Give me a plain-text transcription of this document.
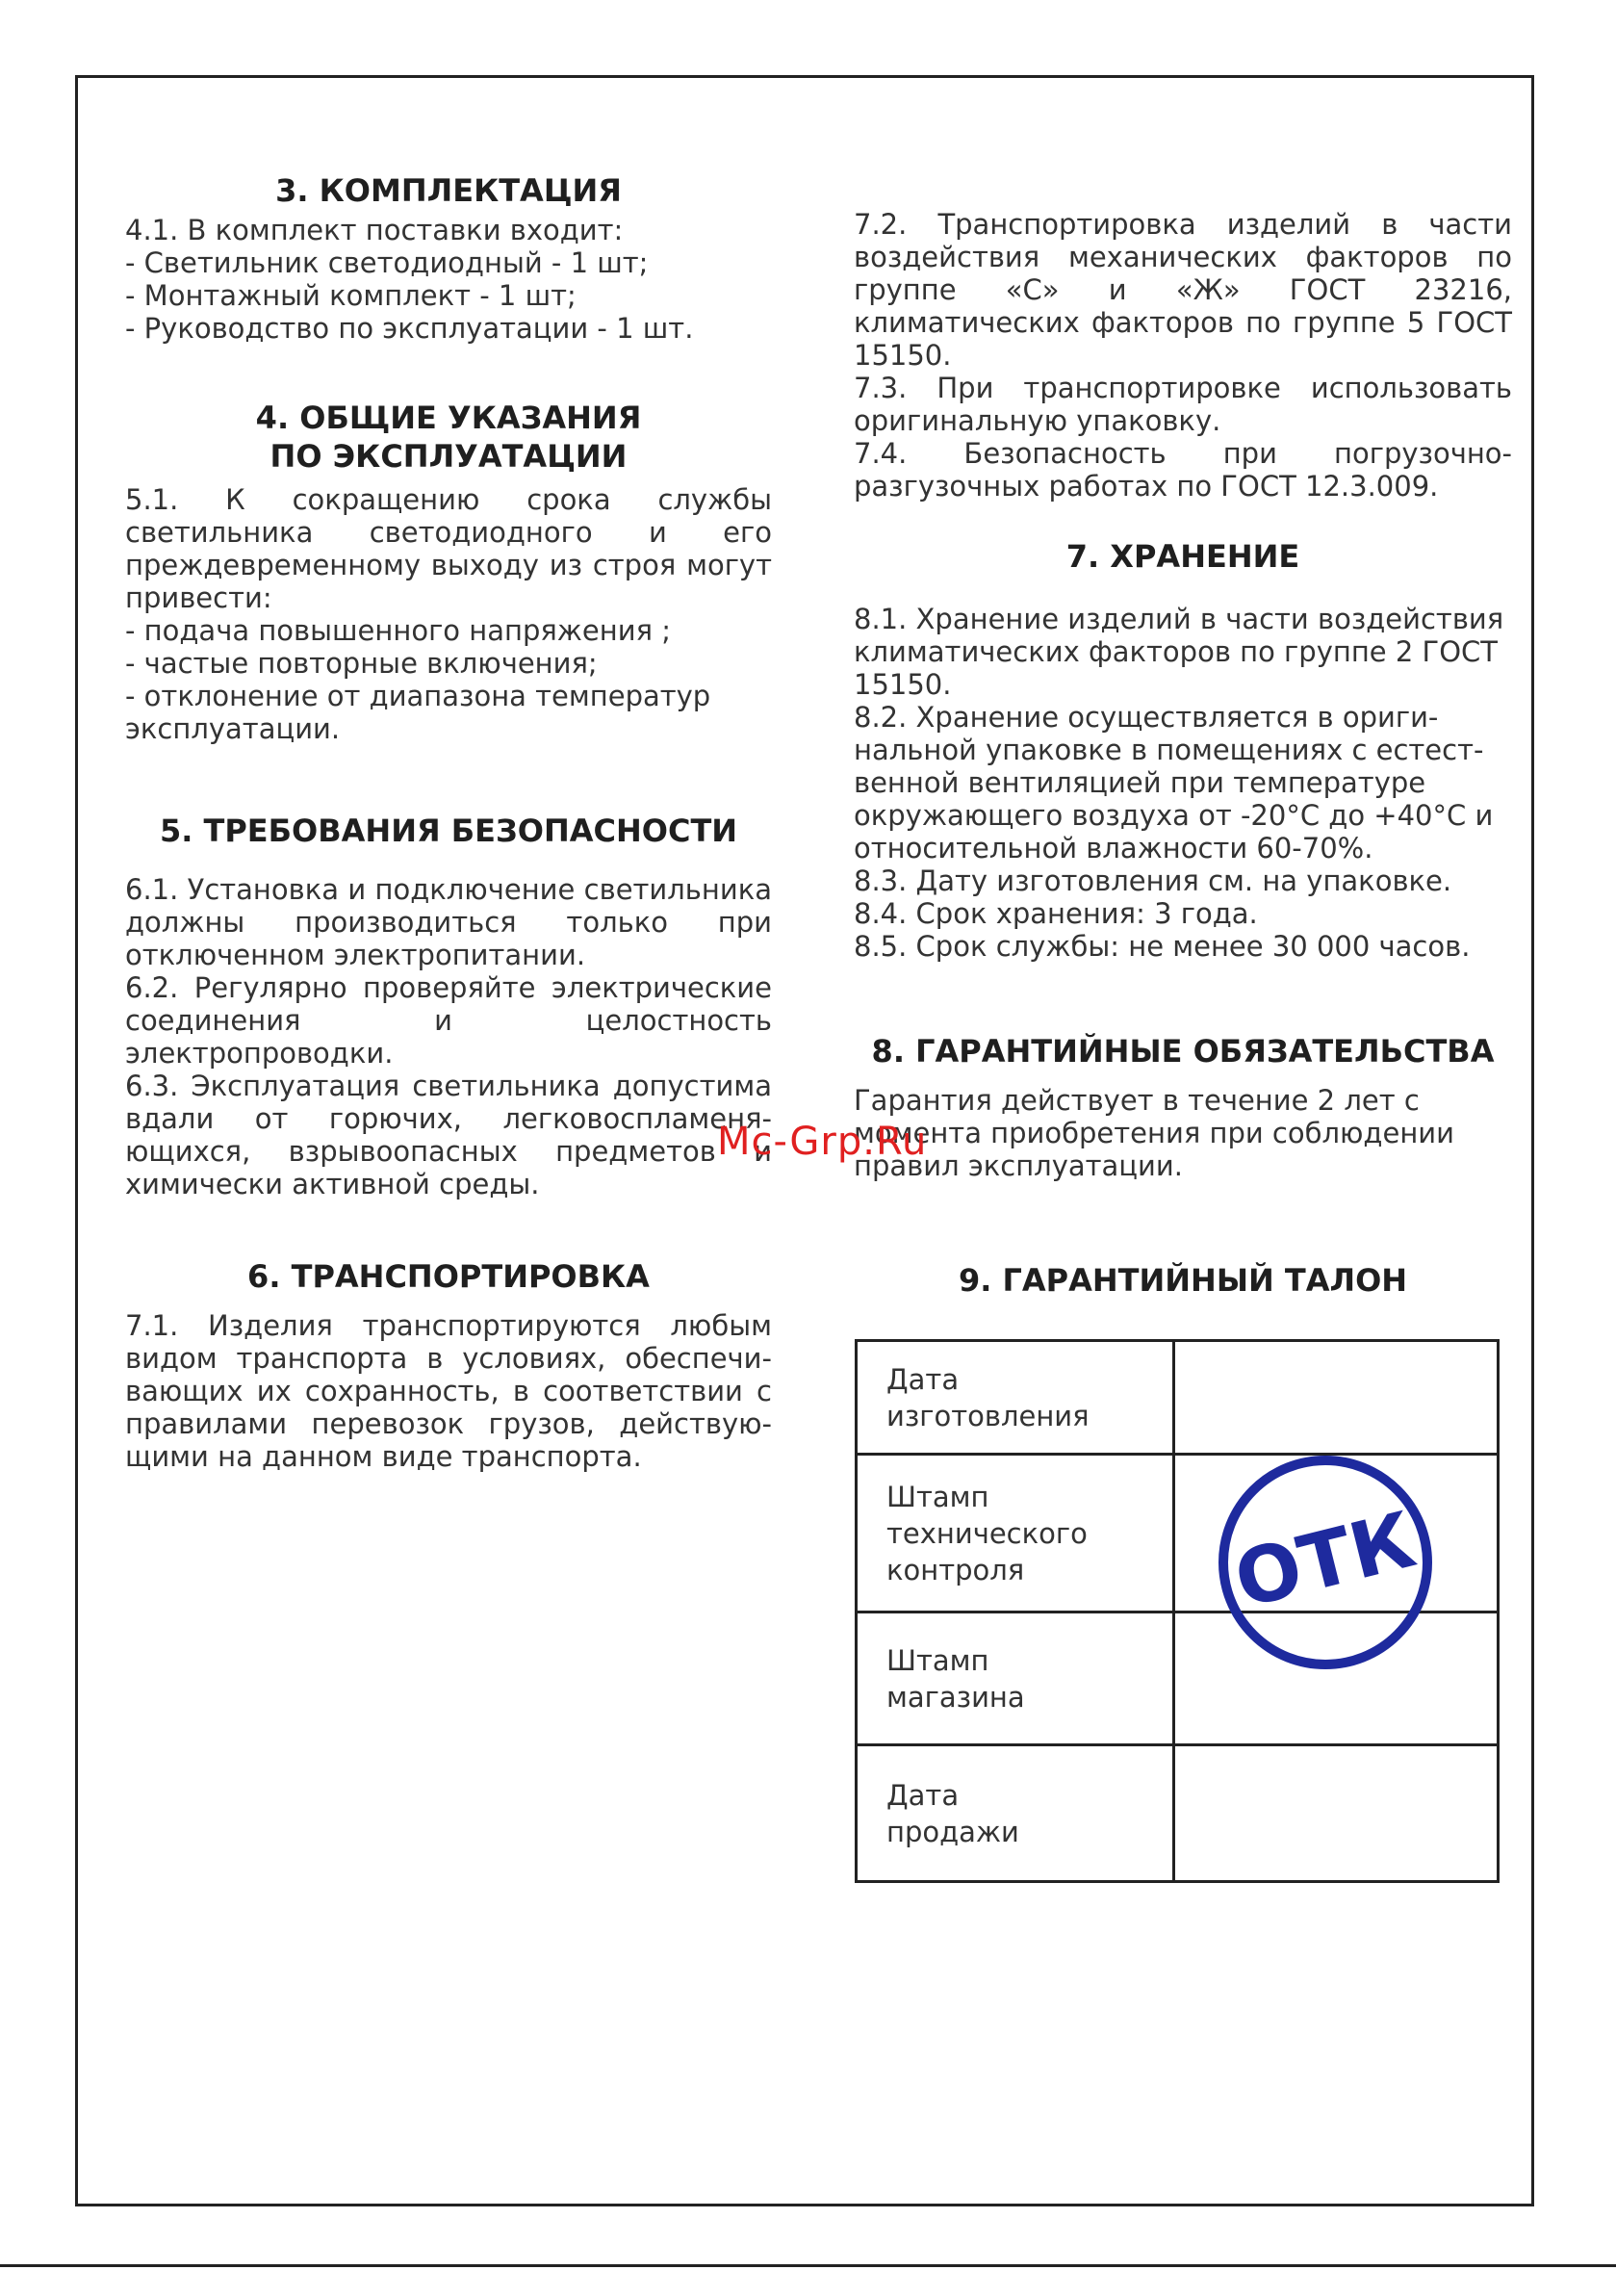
3. КОМПЛЕКТАЦИЯ
4.1. В комплект поставки входит:
- Светильник светодиодный - 1 шт;
- Монтажный комплект - 1 шт;
- Руководство по эксплуатации - 1 шт.
4. ОБЩИЕ УКАЗАНИЯ
ПО ЭКСПЛУАТАЦИИ
5.1. К сокращению срока службы светильника светодиодного и его преждевременному выходу из строя могут привести:
- подача повышенного напряжения ;
- частые повторные включения;
- отклонение от диапазона температур эксплуатации.
5. ТРЕБОВАНИЯ БЕЗОПАСНОСТИ
6.1. Установка и подключение светильника должны производиться только при отключенном электропитании.
6.2. Регулярно проверяйте электрические соединения и целостность электропроводки.
6.3. Эксплуатация светильника допустима вдали от горючих, легковоспламеня-ющихся, взрывоопасных предметов и химически активной среды.
6. ТРАНСПОРТИРОВКА
7.1. Изделия транспортируются любым видом транспорта в условиях, обеспечи-вающих их сохранность, в соответствии с правилами перевозок грузов, действую-щими на данном виде транспорта.
7.2. Транспортировка изделий в части воздействия механических факторов по группе «С» и «Ж» ГОСТ 23216, климатических факторов по группе 5 ГОСТ 15150.
7.3. При транспортировке использовать оригинальную упаковку.
7.4. Безопасность при погрузочно-разгузочных работах по ГОСТ 12.3.009.
7. ХРАНЕНИЕ
8.1. Хранение изделий в части воздействия климатических факторов по группе 2 ГОСТ 15150.
8.2. Хранение осуществляется в ориги-нальной упаковке в помещениях с естест-венной вентиляцией при температуре окружающего воздуха от -20°С до +40°С и относительной влажности 60-70%.
8.3. Дату изготовления см. на упаковке.
8.4. Срок хранения: 3 года.
8.5. Срок службы: не менее 30 000 часов.
8. ГАРАНТИЙНЫЕ ОБЯЗАТЕЛЬСТВА
Гарантия действует в течение 2 лет с момента приобретения при соблюдении правил эксплуатации.
9. ГАРАНТИЙНЫЙ ТАЛОН
Дата
изготовления	

Штамп
технического
контроля	

Штамп
магазина	

Дата
продажи	

ОТК
Mc-Grp.Ru
